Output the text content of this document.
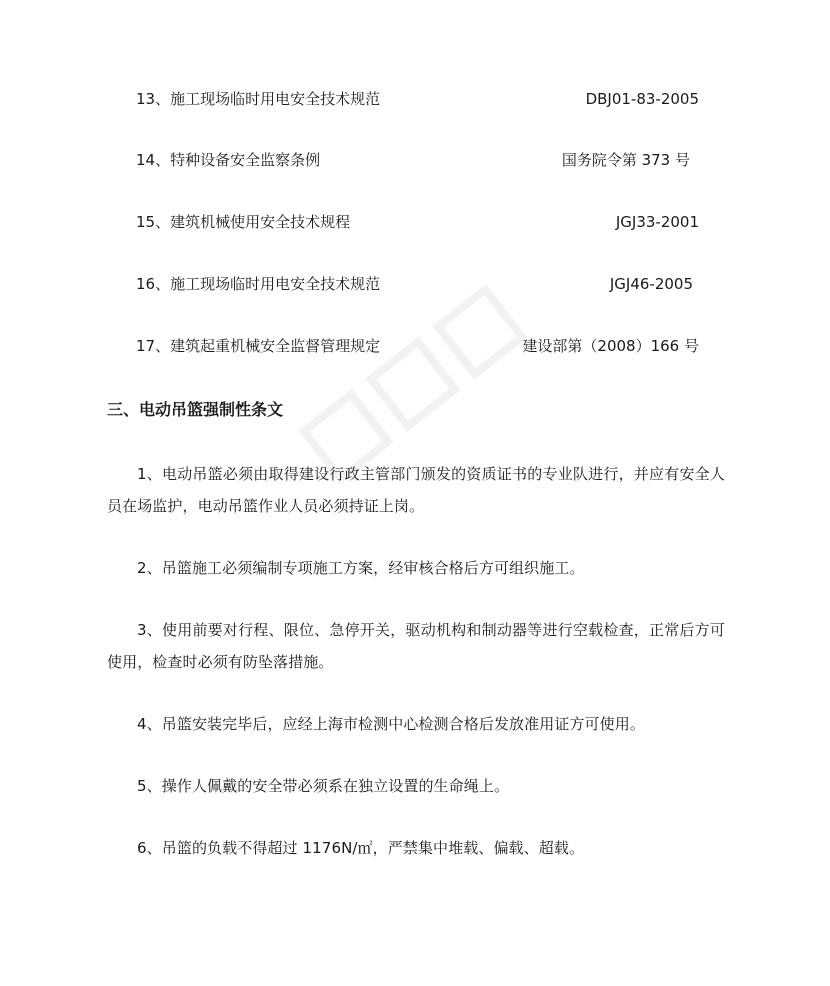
13、施工现场临时用电安全技术规范	DBJ01-83-2005
14、特种设备安全监察条例	国务院令第 373 号
15、建筑机械使用安全技术规程	JGJ33-2001
16、施工现场临时用电安全技术规范	JGJ46-2005
17、建筑起重机械安全监督管理规定	建设部第（2008）166 号
三、电动吊篮强制性条文

1、电动吊篮必须由取得建设行政主管部门颁发的资质证书的专业队进行，并应有安全人员在场监护，电动吊篮作业人员必须持证上岗。

2、吊篮施工必须编制专项施工方案，经审核合格后方可组织施工。

3、使用前要对行程、限位、急停开关，驱动机构和制动器等进行空载检查，正常后方可使用，检查时必须有防坠落措施。

4、吊篮安装完毕后，应经上海市检测中心检测合格后发放准用证方可使用。

5、操作人佩戴的安全带必须系在独立设置的生命绳上。

6、吊篮的负载不得超过 1176N/㎡，严禁集中堆载、偏载、超载。
